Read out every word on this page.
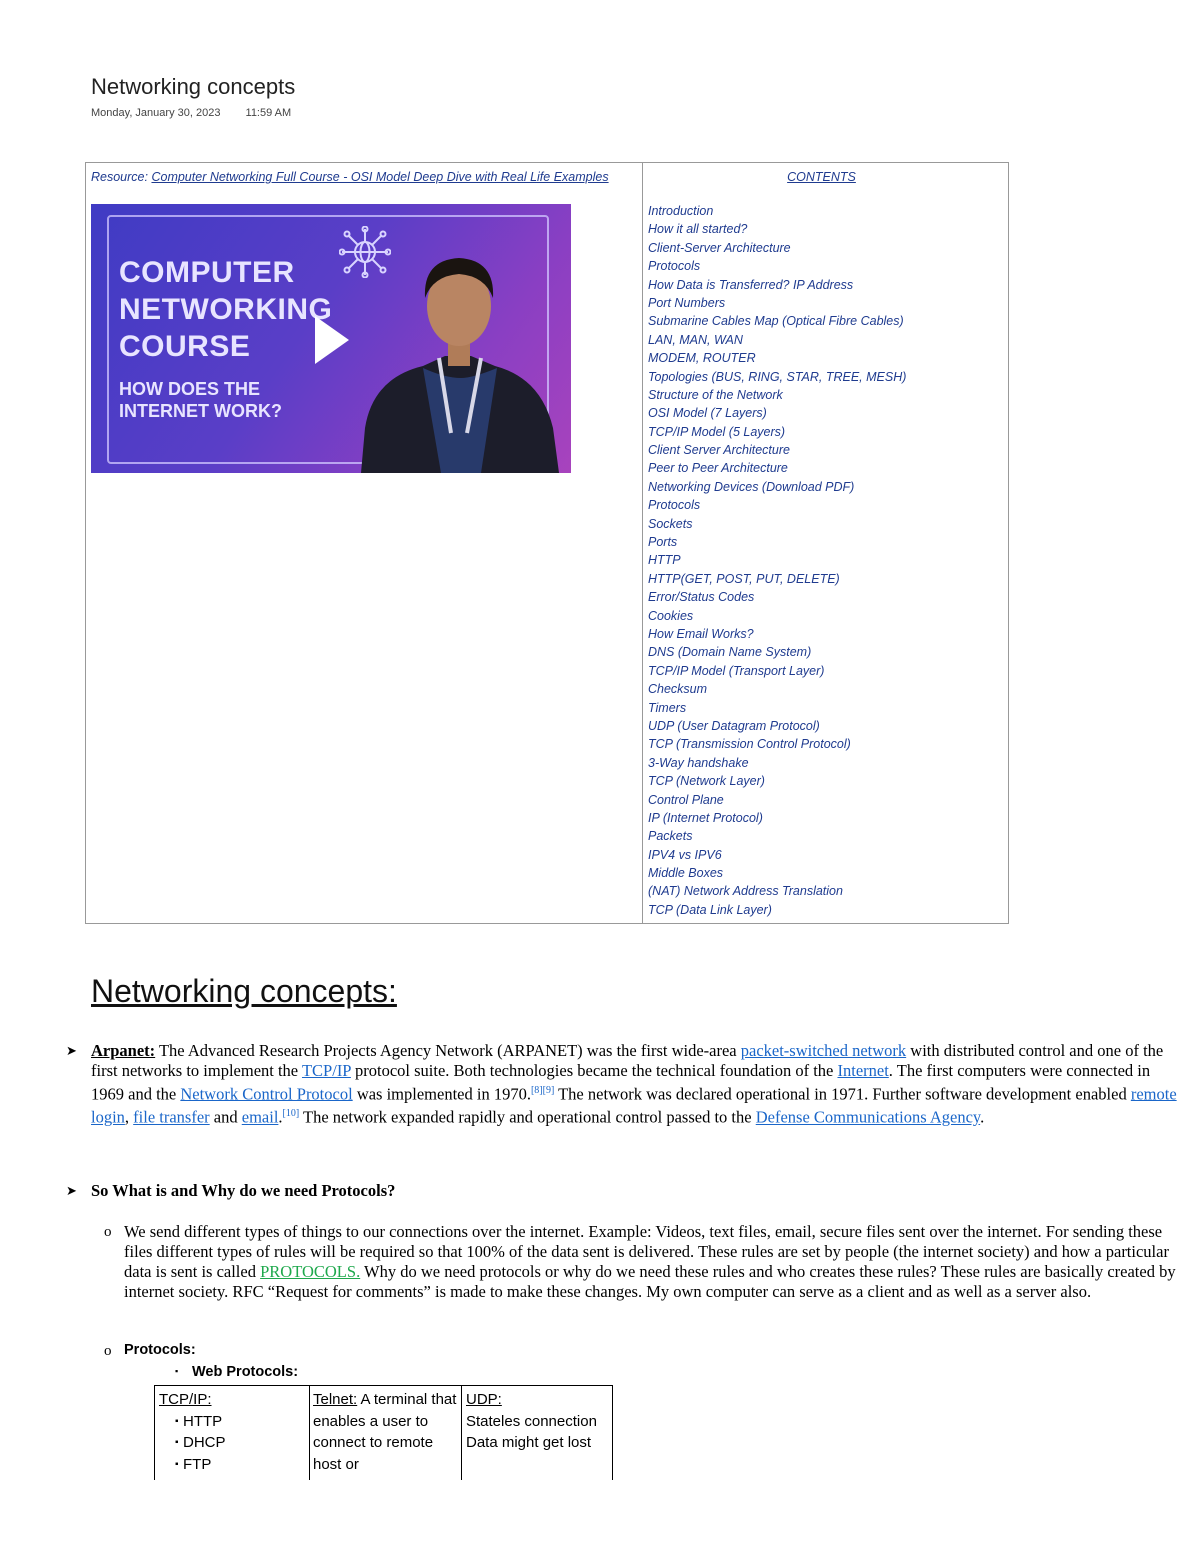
Networking concepts
Monday, January 30, 2023 11:59 AM
Resource: Computer Networking Full Course - OSI Model Deep Dive with Real Life Examples
COMPUTER
NETWORKING
COURSE
HOW DOES THE
INTERNET WORK?
CONTENTS
Introduction
How it all started?
Client-Server Architecture
Protocols
How Data is Transferred? IP Address
Port Numbers
Submarine Cables Map (Optical Fibre Cables)
LAN, MAN, WAN
MODEM, ROUTER
Topologies (BUS, RING, STAR, TREE, MESH)
Structure of the Network
OSI Model (7 Layers)
TCP/IP Model (5 Layers)
Client Server Architecture
Peer to Peer Architecture
Networking Devices (Download PDF)
Protocols
Sockets
Ports
HTTP
HTTP(GET, POST, PUT, DELETE)
Error/Status Codes
Cookies
How Email Works?
DNS (Domain Name System)
TCP/IP Model (Transport Layer)
Checksum
Timers
UDP (User Datagram Protocol)
TCP (Transmission Control Protocol)
3-Way handshake
TCP (Network Layer)
Control Plane
IP (Internet Protocol)
Packets
IPV4 vs IPV6
Middle Boxes
(NAT) Network Address Translation
TCP (Data Link Layer)
Networking concepts:
➤ Arpanet: The Advanced Research Projects Agency Network (ARPANET) was the first wide-area packet-switched network with distributed control and one of the first networks to implement the TCP/IP protocol suite. Both technologies became the technical foundation of the Internet. The first computers were connected in 1969 and the Network Control Protocol was implemented in 1970.[8][9] The network was declared operational in 1971. Further software development enabled remote login, file transfer and email.[10] The network expanded rapidly and operational control passed to the Defense Communications Agency.
➤ So What is and Why do we need Protocols?
o We send different types of things to our connections over the internet. Example: Videos, text files, email, secure files sent over the internet. For sending these files different types of rules will be required so that 100% of the data sent is delivered. These rules are set by people (the internet society) and how a particular data is sent is called PROTOCOLS. Why do we need protocols or why do we need these rules and who creates these rules? These rules are basically created by internet society. RFC “Request for comments” is made to make these changes. My own computer can serve as a client and as well as a server also.
o Protocols:
▪ Web Protocols:
TCP/IP:
▪ HTTP
▪ DHCP
▪ FTP
Telnet: A terminal that enables a user to connect to remote host or
UDP:
Stateles connection
Data might get lost
